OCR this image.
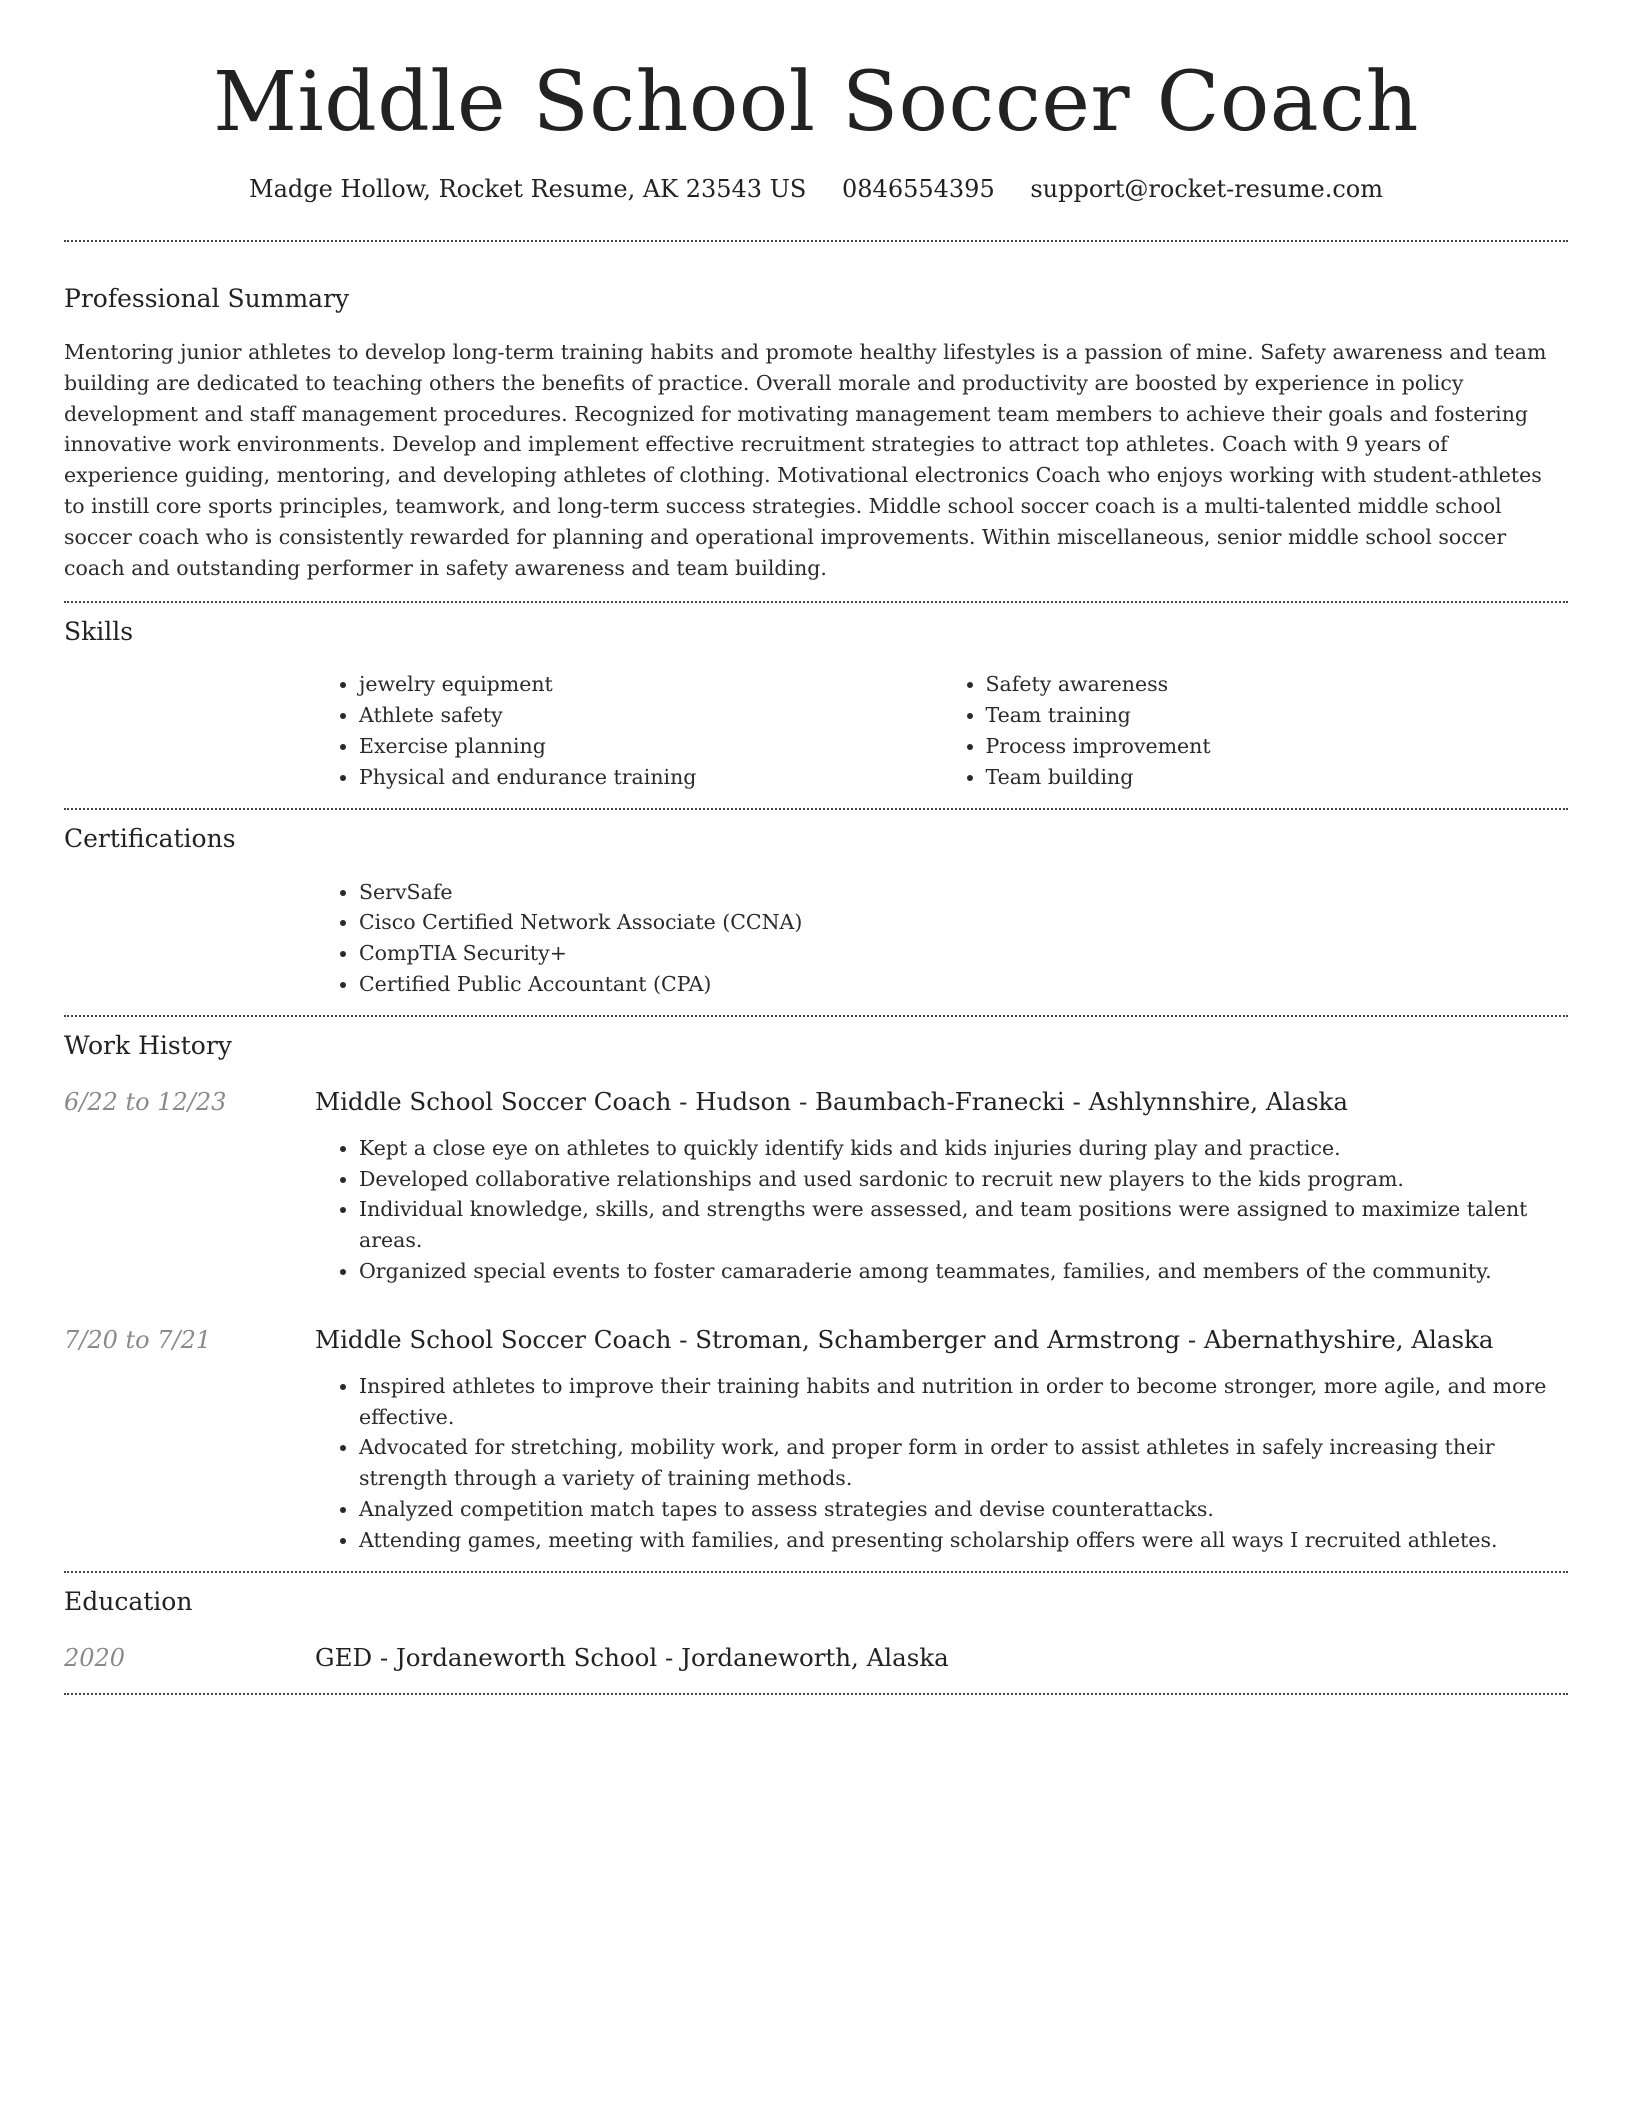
Middle School Soccer Coach
Madge Hollow, Rocket Resume, AK 23543 US 0846554395 support@rocket-resume.com
Professional Summary

Mentoring junior athletes to develop long-term training habits and promote healthy lifestyles is a passion of mine. Safety awareness and team building are dedicated to teaching others the benefits of practice. Overall morale and productivity are boosted by experience in policy development and staff management procedures. Recognized for motivating management team members to achieve their goals and fostering innovative work environments. Develop and implement effective recruitment strategies to attract top athletes. Coach with 9 years of experience guiding, mentoring, and developing athletes of clothing. Motivational electronics Coach who enjoys working with student-athletes to instill core sports principles, teamwork, and long-term success strategies. Middle school soccer coach is a multi-talented middle school soccer coach who is consistently rewarded for planning and operational improvements. Within miscellaneous, senior middle school soccer coach and outstanding performer in safety awareness and team building.

Skills
• jewelry equipment
• Athlete safety
• Exercise planning
• Physical and endurance training
• Safety awareness
• Team training
• Process improvement
• Team building
Certifications
• ServSafe
• Cisco Certified Network Associate (CCNA)
• CompTIA Security+
• Certified Public Accountant (CPA)
Work History
6/22 to 12/23	Middle School Soccer Coach - Hudson - Baumbach-Franecki - Ashlynnshire, Alaska
• Kept a close eye on athletes to quickly identify kids and kids injuries during play and practice.
• Developed collaborative relationships and used sardonic to recruit new players to the kids program.
• Individual knowledge, skills, and strengths were assessed, and team positions were assigned to maximize talent areas.
• Organized special events to foster camaraderie among teammates, families, and members of the community.
7/20 to 7/21	Middle School Soccer Coach - Stroman, Schamberger and Armstrong - Abernathyshire, Alaska
• Inspired athletes to improve their training habits and nutrition in order to become stronger, more agile, and more effective.
• Advocated for stretching, mobility work, and proper form in order to assist athletes in safely increasing their strength through a variety of training methods.
• Analyzed competition match tapes to assess strategies and devise counterattacks.
• Attending games, meeting with families, and presenting scholarship offers were all ways I recruited athletes.
Education
2020	GED - Jordaneworth School - Jordaneworth, Alaska
